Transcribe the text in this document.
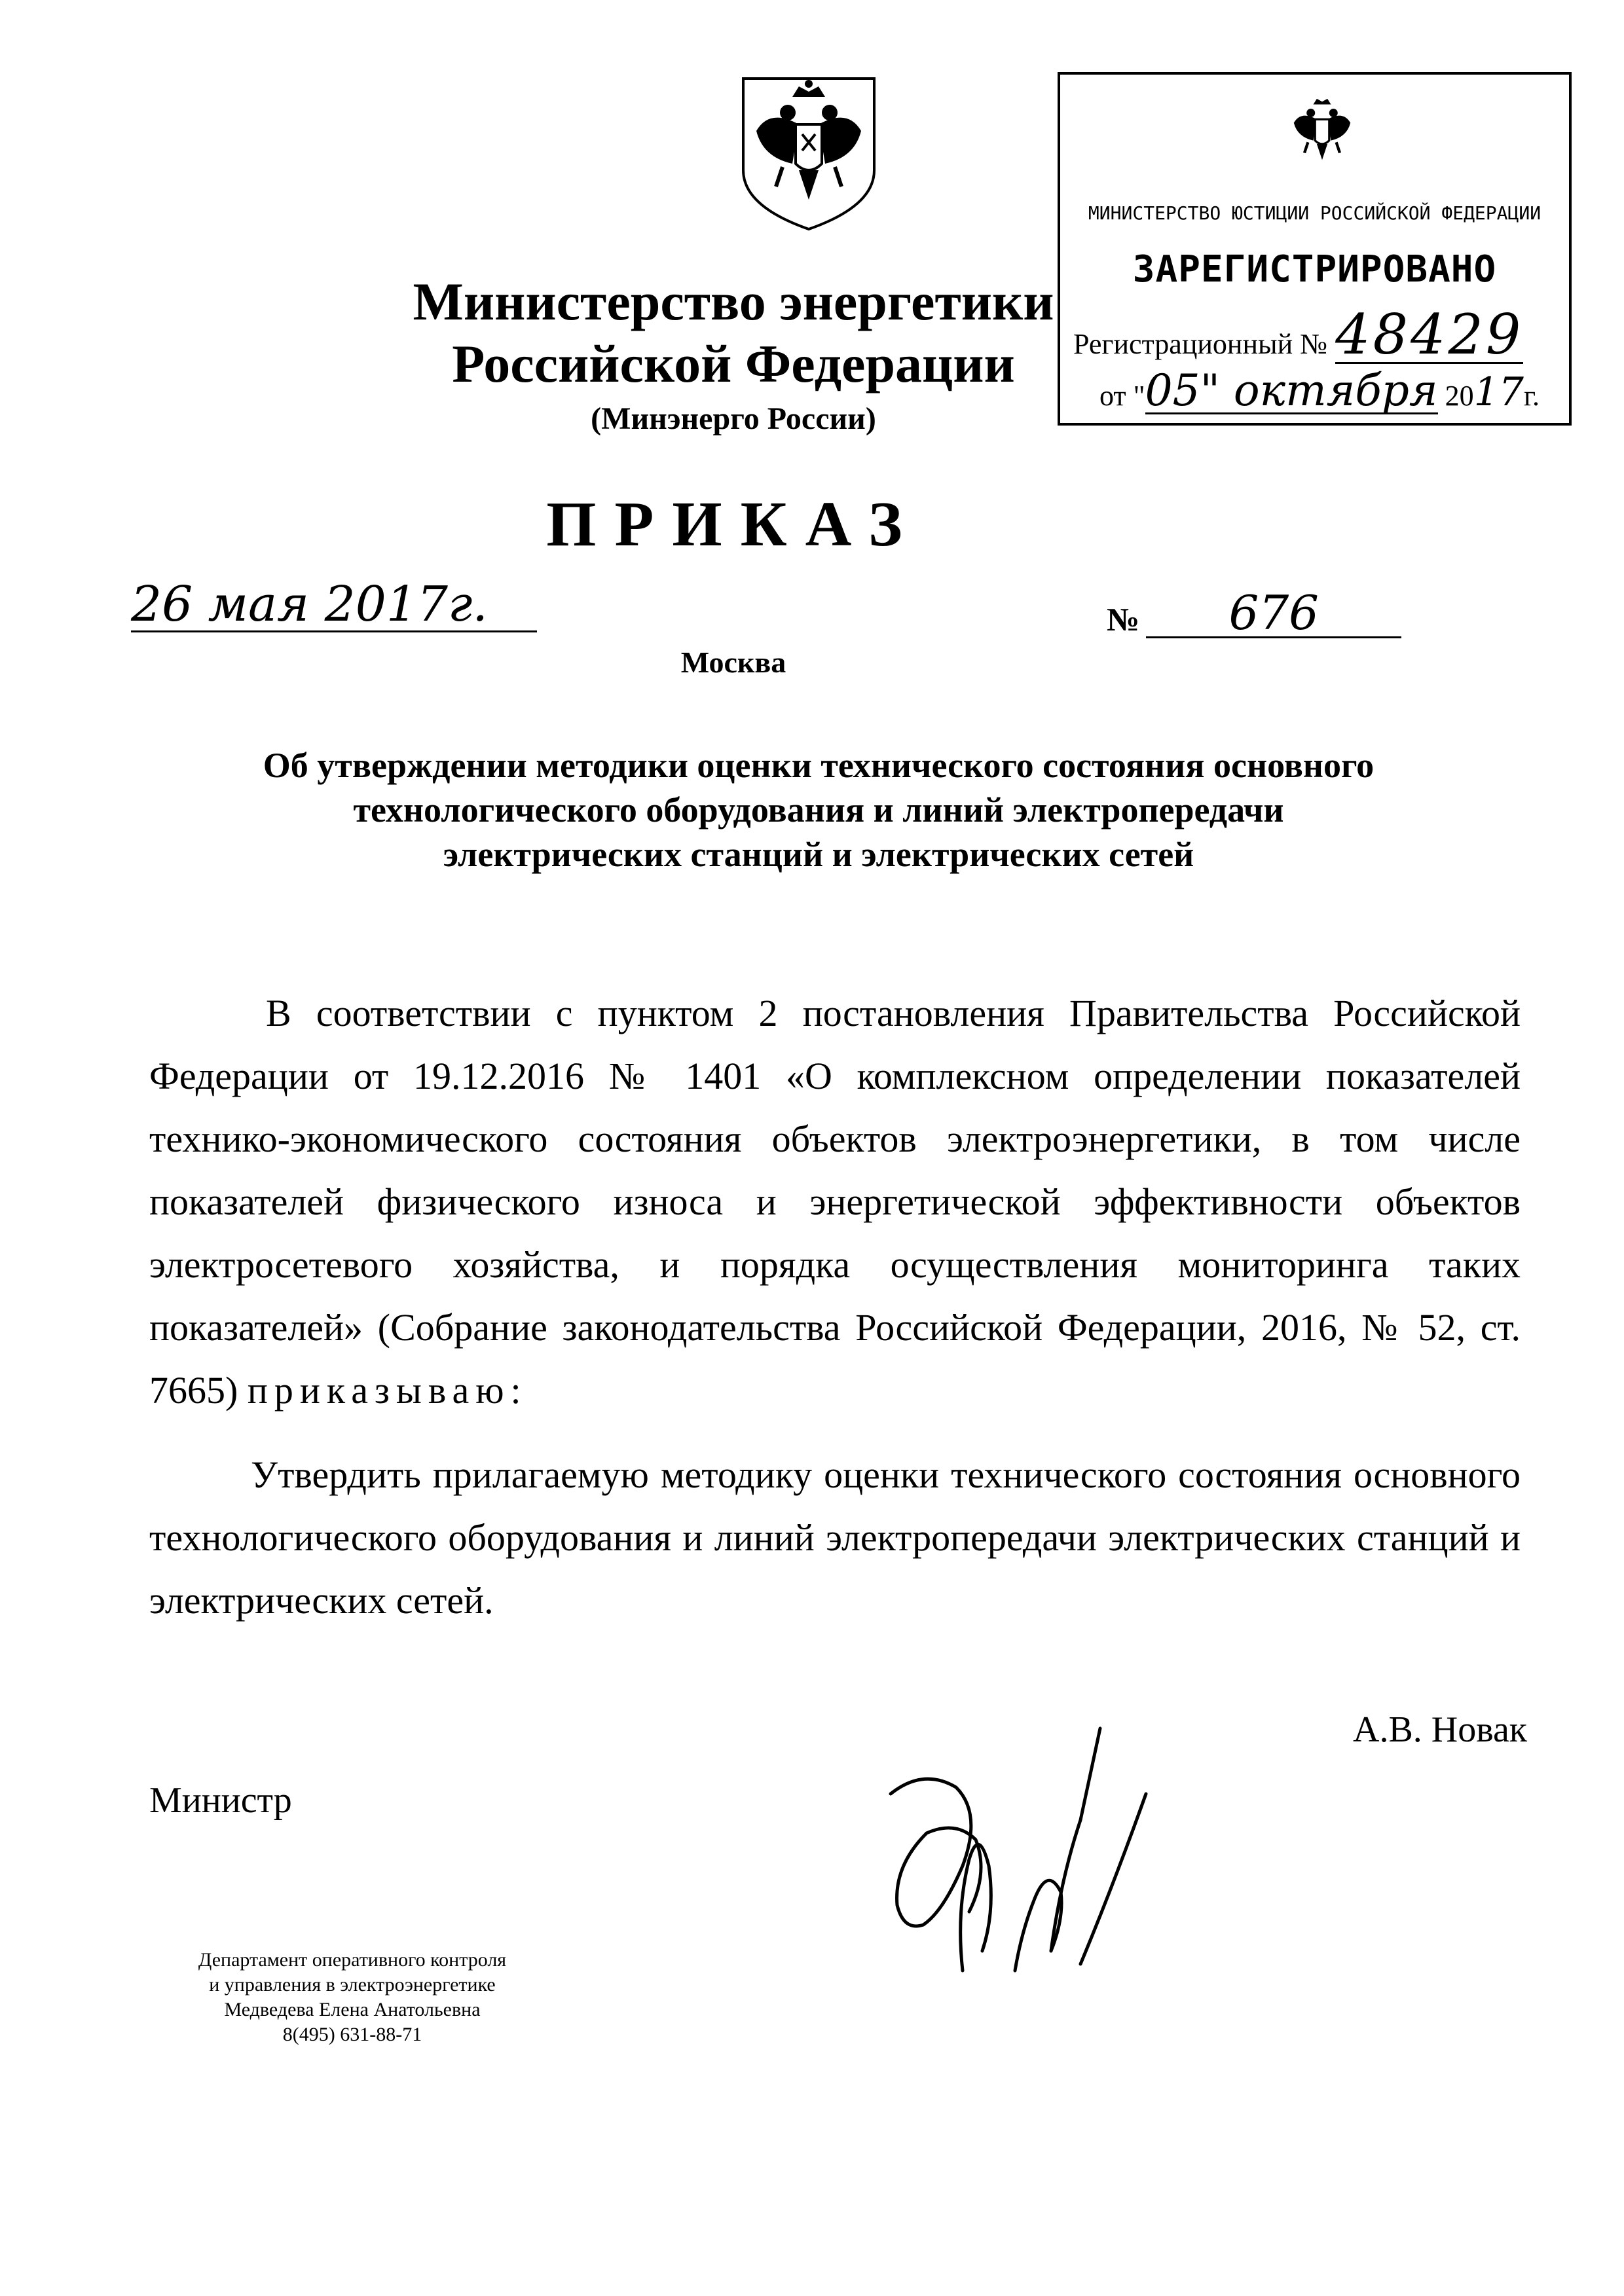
Министерство энергетики
Российской Федерации
(Минэнерго России)
МИНИСТЕРСТВО ЮСТИЦИИ РОССИЙСКОЙ ФЕДЕРАЦИИ
ЗАРЕГИСТРИРОВАНО
Регистрационный № 48429
от "05" октября 2017г.
ПРИКАЗ
26 мая 2017г.	№ 676
Москва
Об утверждении методики оценки технического состояния основного
технологического оборудования и линий электропередачи
электрических станций и электрических сетей
В соответствии с пунктом 2 постановления Правительства Российской Федерации от 19.12.2016 № 1401 «О комплексном определении показателей технико-экономического состояния объектов электроэнергетики, в том числе показателей физического износа и энергетической эффективности объектов электросетевого хозяйства, и порядка осуществления мониторинга таких показателей» (Собрание законодательства Российской Федерации, 2016, № 52, ст. 7665) приказываю:
Утвердить прилагаемую методику оценки технического состояния основного технологического оборудования и линий электропередачи электрических станций и электрических сетей.
А.В. Новак
Министр
Департамент оперативного контроля
и управления в электроэнергетике
Медведева Елена Анатольевна
8(495) 631-88-71
